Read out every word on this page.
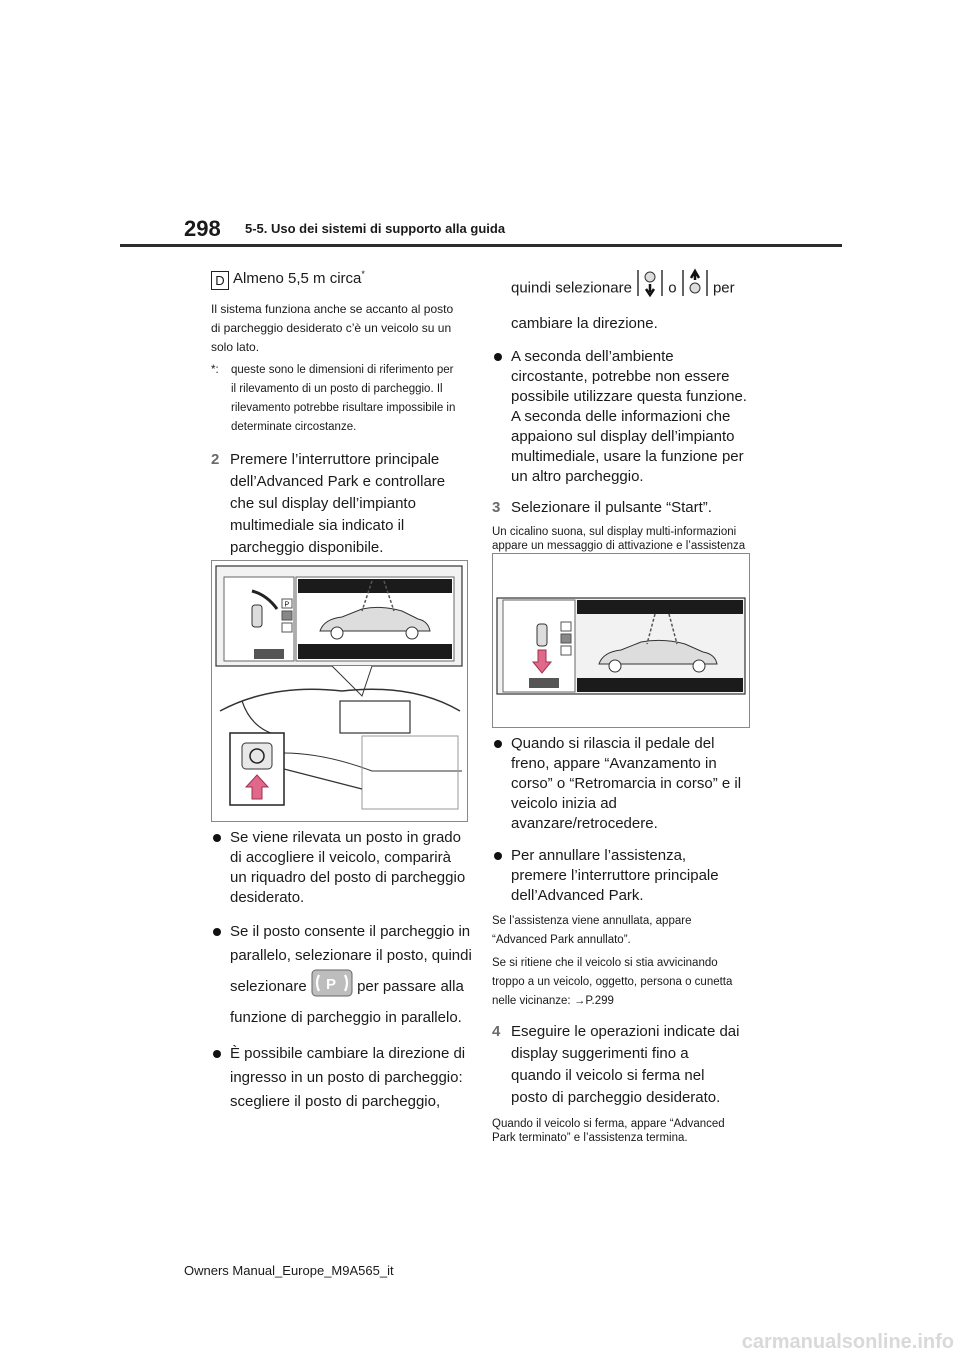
298 5-5. Uso dei sistemi di supporto alla guida
D Almeno 5,5 m circa*
Il sistema funziona anche se accanto al posto di parcheggio desiderato c’è un veicolo su un solo lato.
*: queste sono le dimensioni di riferimento per il rilevamento di un posto di parcheggio. Il rilevamento potrebbe risultare impossibile in determinate circostanze.
2 Premere l’interruttore principale dell’Advanced Park e controllare che sul display dell’impianto multimediale sia indicato il parcheggio disponibile.
P
Se viene rilevata un posto in grado di accogliere il veicolo, comparirà un riquadro del posto di parcheggio desiderato.
Se il posto consente il parcheggio in parallelo, selezionare il posto, quindi selezionare P per passare alla funzione di parcheggio in parallelo.
È possibile cambiare la direzione di ingresso in un posto di parcheggio: scegliere il posto di parcheggio,
quindi selezionare o per cambiare la direzione.
A seconda dell’ambiente circostante, potrebbe non essere possibile utilizzare questa funzione. A seconda delle informazioni che appaiono sul display dell’impianto multimediale, usare la funzione per un altro parcheggio.
3 Selezionare il pulsante “Start”.
Un cicalino suona, sul display multi-informazioni appare un messaggio di attivazione e l’assistenza
Quando si rilascia il pedale del freno, appare “Avanzamento in corso” o “Retromarcia in corso” e il veicolo inizia ad avanzare/retrocedere.
Per annullare l’assistenza, premere l’interruttore principale dell’Advanced Park.
Se l’assistenza viene annullata, appare “Advanced Park annullato”.
Se si ritiene che il veicolo si stia avvicinando troppo a un veicolo, oggetto, persona o cunetta nelle vicinanze: →P.299
4 Eseguire le operazioni indicate dai display suggerimenti fino a quando il veicolo si ferma nel posto di parcheggio desiderato.
Quando il veicolo si ferma, appare “Advanced Park terminato” e l’assistenza termina.
Owners Manual_Europe_M9A565_it
carmanualsonline.info
